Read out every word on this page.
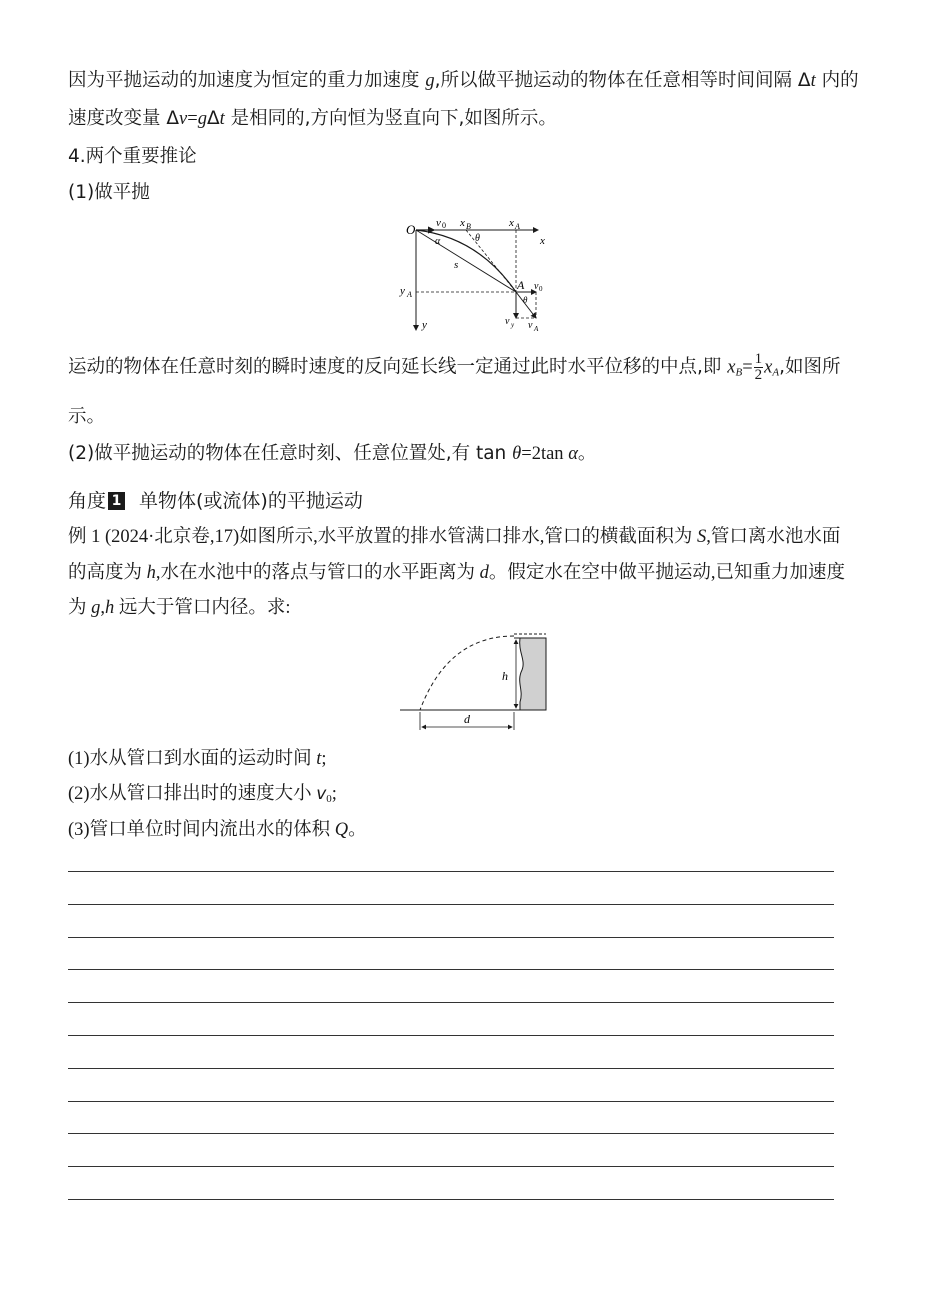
因为平抛运动的加速度为恒定的重力加速度 g,所以做平抛运动的物体在任意相等时间间隔 Δt 内的
速度改变量 Δv=gΔt 是相同的,方向恒为竖直向下,如图所示。
4.两个重要推论
(1)做平抛
O v 0 x B	x A
x
y
y A
α	θ
s
A v 0
θ
v y v A
运动的物体在任意时刻的瞬时速度的反向延长线一定通过此时水平位移的中点,即 $x_B= \frac{1}{2} x_A$,如图所
示。
(2)做平抛运动的物体在任意时刻、任意位置处,有 tan θ=2tan α。
角度 1 单物体(或流体)的平抛运动
例 1 (2024·北京卷,17)如图所示,水平放置的排水管满口排水,管口的横截面积为 S,管口离水池水面
的高度为 h,水在水池中的落点与管口的水平距离为 d。假定水在空中做平抛运动,已知重力加速度
为 g,h 远大于管口内径。求:
h
d
(1)水从管口到水面的运动时间 t;
(2)水从管口排出时的速度大小 $v_0$;
(3)管口单位时间内流出水的体积 Q。
